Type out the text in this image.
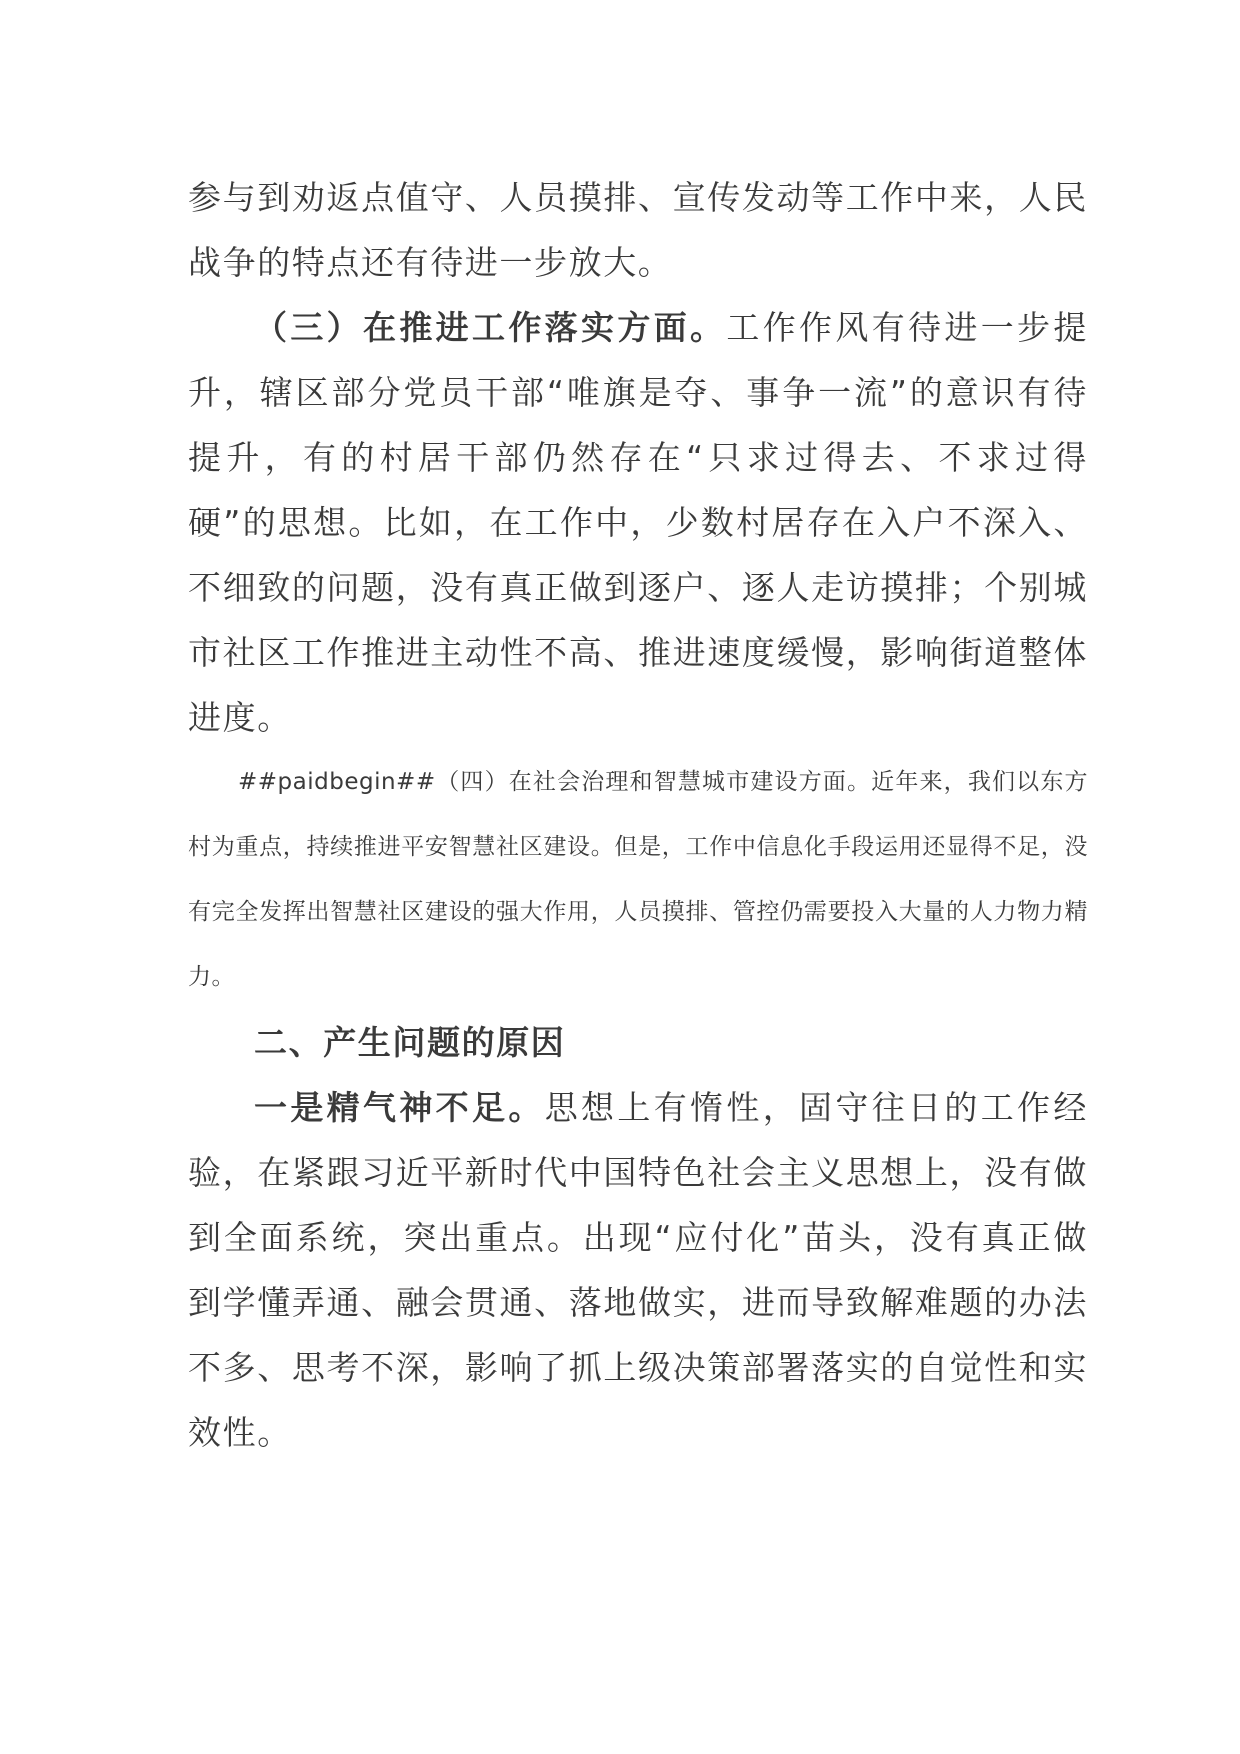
参与到劝返点值守、人员摸排、宣传发动等工作中来，人民战争的特点还有待进一步放大。

（三）在推进工作落实方面。工作作风有待进一步提升，辖区部分党员干部“唯旗是夺、事争一流”的意识有待提升，有的村居干部仍然存在“只求过得去、不求过得硬”的思想。比如，在工作中，少数村居存在入户不深入、不细致的问题，没有真正做到逐户、逐人走访摸排；个别城市社区工作推进主动性不高、推进速度缓慢，影响街道整体进度。

##paidbegin##（四）在社会治理和智慧城市建设方面。近年来，我们以东方村为重点，持续推进平安智慧社区建设。但是，工作中信息化手段运用还显得不足，没有完全发挥出智慧社区建设的强大作用，人员摸排、管控仍需要投入大量的人力物力精力。

二、产生问题的原因

一是精气神不足。思想上有惰性，固守往日的工作经验，在紧跟习近平新时代中国特色社会主义思想上，没有做到全面系统，突出重点。出现“应付化”苗头，没有真正做到学懂弄通、融会贯通、落地做实，进而导致解难题的办法不多、思考不深，影响了抓上级决策部署落实的自觉性和实效性。
